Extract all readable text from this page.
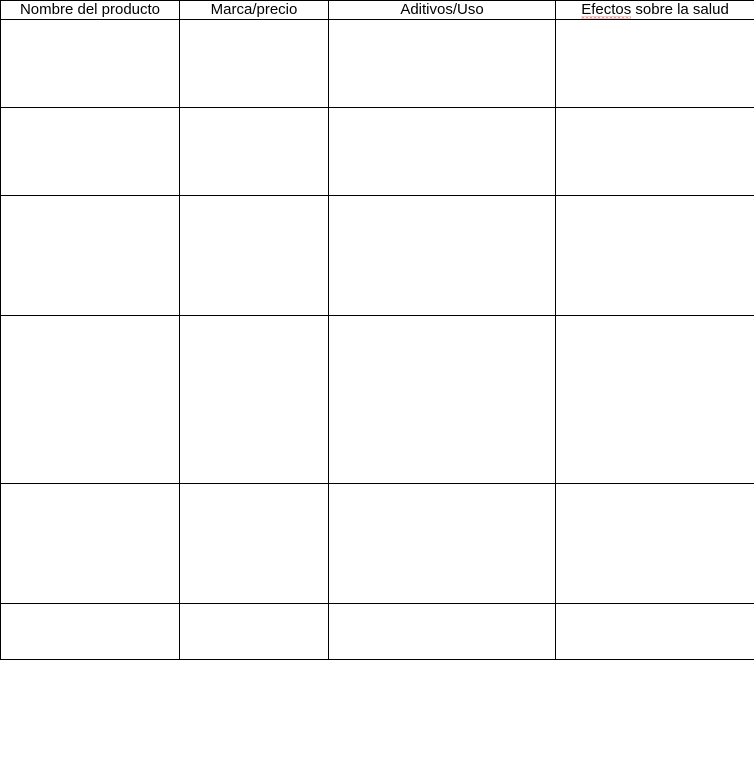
Nombre del producto	Marca/precio	Aditivos/Uso	Efectos sobre la salud
